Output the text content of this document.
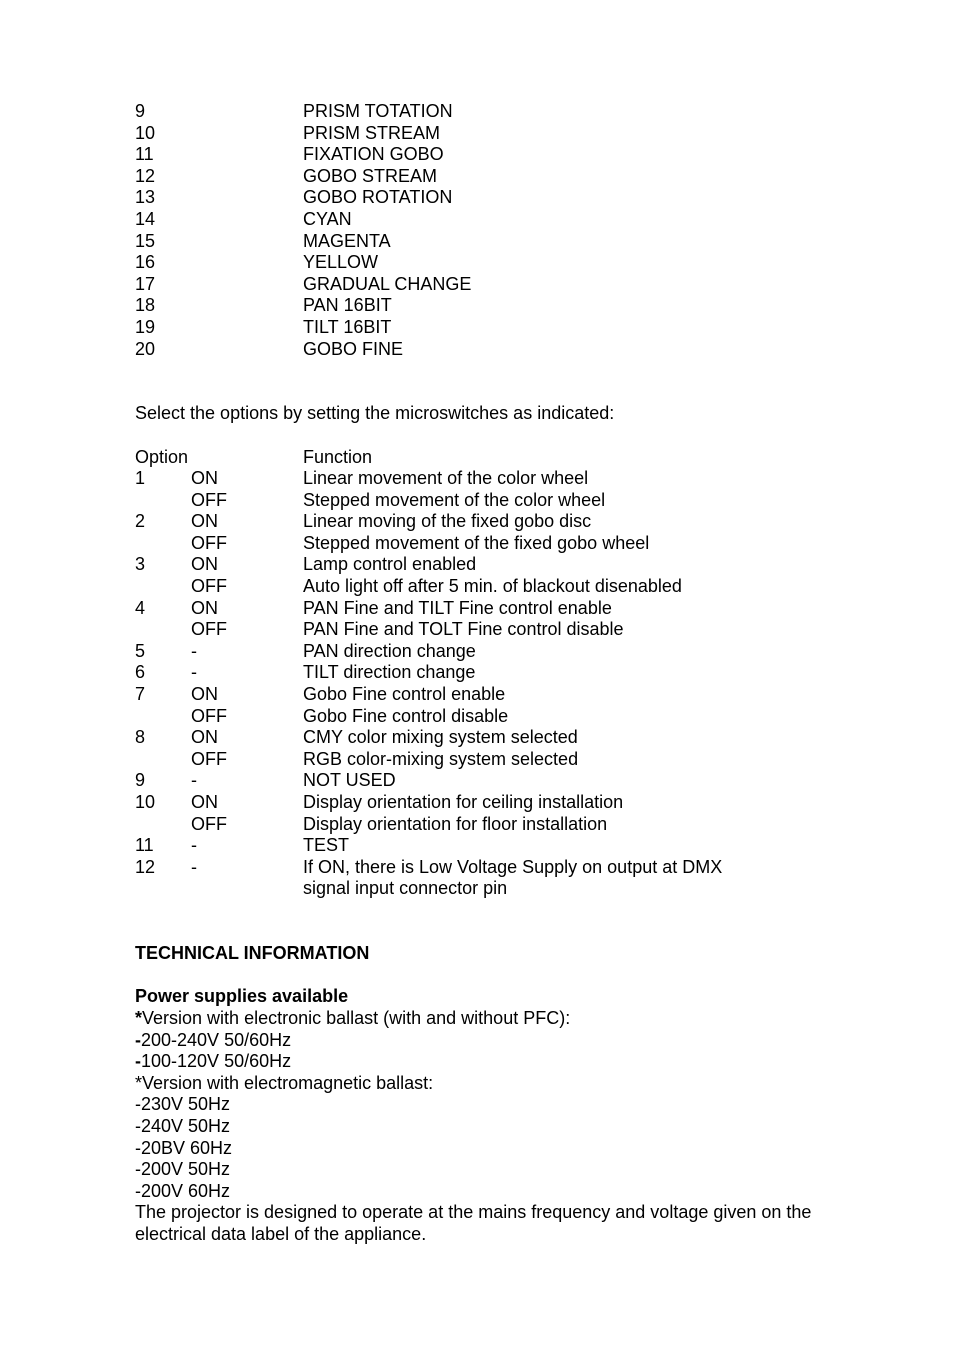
9	PRISM TOTATION
10	PRISM STREAM
11	FIXATION GOBO
12	GOBO STREAM
13	GOBO ROTATION
14	CYAN
15	MAGENTA
16	YELLOW
17	GRADUAL CHANGE
18	PAN 16BIT
19	TILT 16BIT
20	GOBO FINE
Select the options by setting the microswitches as indicated:
Option	Function
1	ON	Linear movement of the color wheel
OFF	Stepped movement of the color wheel
2	ON	Linear moving of the fixed gobo disc
OFF	Stepped movement of the fixed gobo wheel
3	ON	Lamp control enabled
OFF	Auto light off after 5 min. of blackout disenabled
4	ON	PAN Fine and TILT Fine control enable
OFF	PAN Fine and TOLT Fine control disable
5	-	PAN direction change
6	-	TILT direction change
7	ON	Gobo Fine control enable
OFF	Gobo Fine control disable
8	ON	CMY color mixing system selected
OFF	RGB color-mixing system selected
9	-	NOT USED
10 ON	Display orientation for ceiling installation
OFF	Display orientation for floor installation
11 -	TEST
12 -	If ON, there is Low Voltage Supply on output at DMX signal input connector pin
TECHNICAL INFORMATION
Power supplies available
*Version with electronic ballast (with and without PFC):
-200-240V 50/60Hz
-100-120V 50/60Hz
*Version with electromagnetic ballast:
-230V 50Hz
-240V 50Hz
-20BV 60Hz
-200V 50Hz
-200V 60Hz
The projector is designed to operate at the mains frequency and voltage given on the electrical data label of the appliance.
